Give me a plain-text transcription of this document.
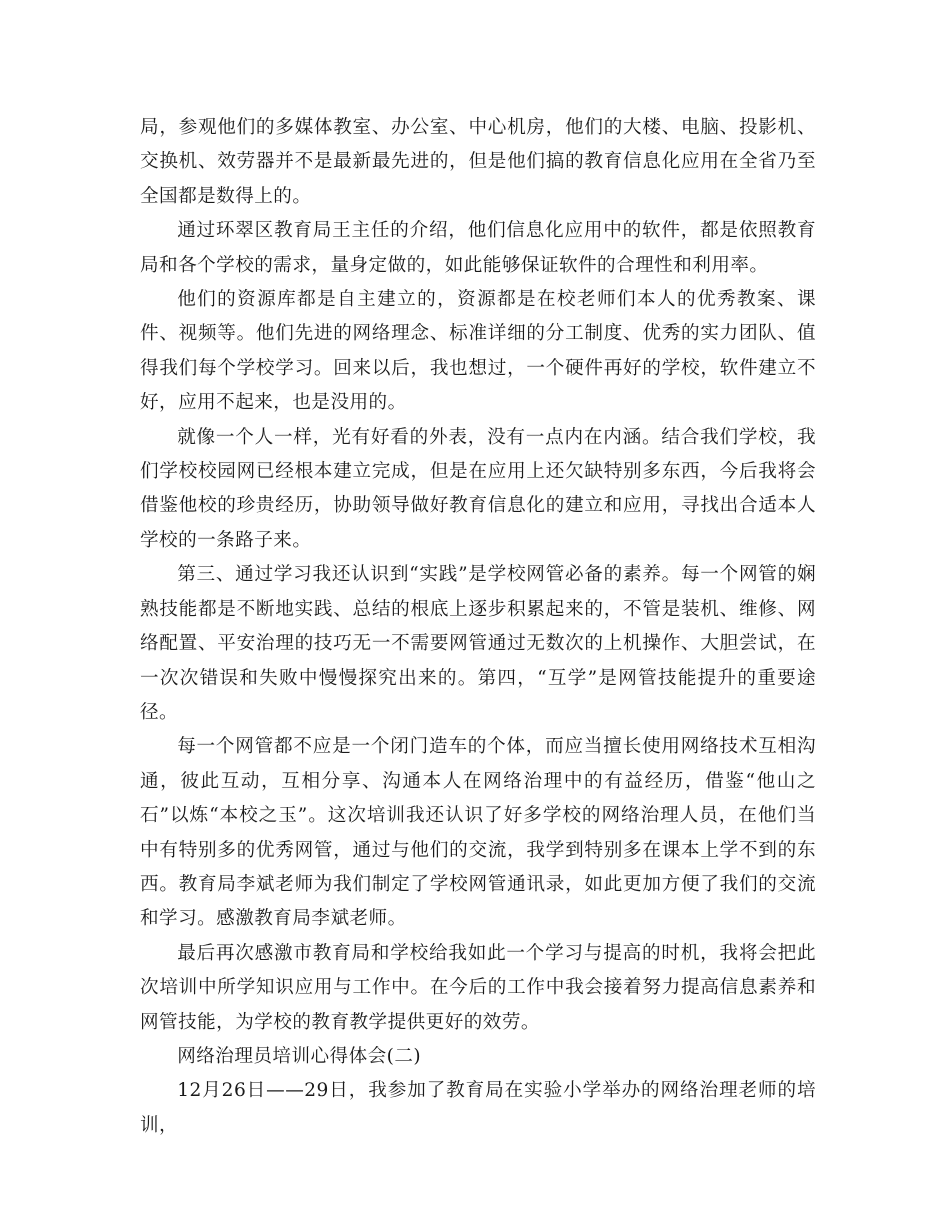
局，参观他们的多媒体教室、办公室、中心机房，他们的大楼、电脑、投影机、交换机、效劳器并不是最新最先进的，但是他们搞的教育信息化应用在全省乃至全国都是数得上的。

通过环翠区教育局王主任的介绍，他们信息化应用中的软件，都是依照教育局和各个学校的需求，量身定做的，如此能够保证软件的合理性和利用率。

他们的资源库都是自主建立的，资源都是在校老师们本人的优秀教案、课件、视频等。他们先进的网络理念、标准详细的分工制度、优秀的实力团队、值得我们每个学校学习。回来以后，我也想过，一个硬件再好的学校，软件建立不好，应用不起来，也是没用的。

就像一个人一样，光有好看的外表，没有一点内在内涵。结合我们学校，我们学校校园网已经根本建立完成，但是在应用上还欠缺特别多东西，今后我将会借鉴他校的珍贵经历，协助领导做好教育信息化的建立和应用，寻找出合适本人学校的一条路子来。

第三、通过学习我还认识到“实践”是学校网管必备的素养。每一个网管的娴熟技能都是不断地实践、总结的根底上逐步积累起来的，不管是装机、维修、网络配置、平安治理的技巧无一不需要网管通过无数次的上机操作、大胆尝试，在一次次错误和失败中慢慢探究出来的。第四，“互学”是网管技能提升的重要途径。

每一个网管都不应是一个闭门造车的个体，而应当擅长使用网络技术互相沟通，彼此互动，互相分享、沟通本人在网络治理中的有益经历，借鉴“他山之石”以炼“本校之玉”。这次培训我还认识了好多学校的网络治理人员，在他们当中有特别多的优秀网管，通过与他们的交流，我学到特别多在课本上学不到的东西。教育局李斌老师为我们制定了学校网管通讯录，如此更加方便了我们的交流和学习。感激教育局李斌老师。

最后再次感激市教育局和学校给我如此一个学习与提高的时机，我将会把此次培训中所学知识应用与工作中。在今后的工作中我会接着努力提高信息素养和网管技能，为学校的教育教学提供更好的效劳。

网络治理员培训心得体会(二)

12月26日——29日，我参加了教育局在实验小学举办的网络治理老师的培训，
